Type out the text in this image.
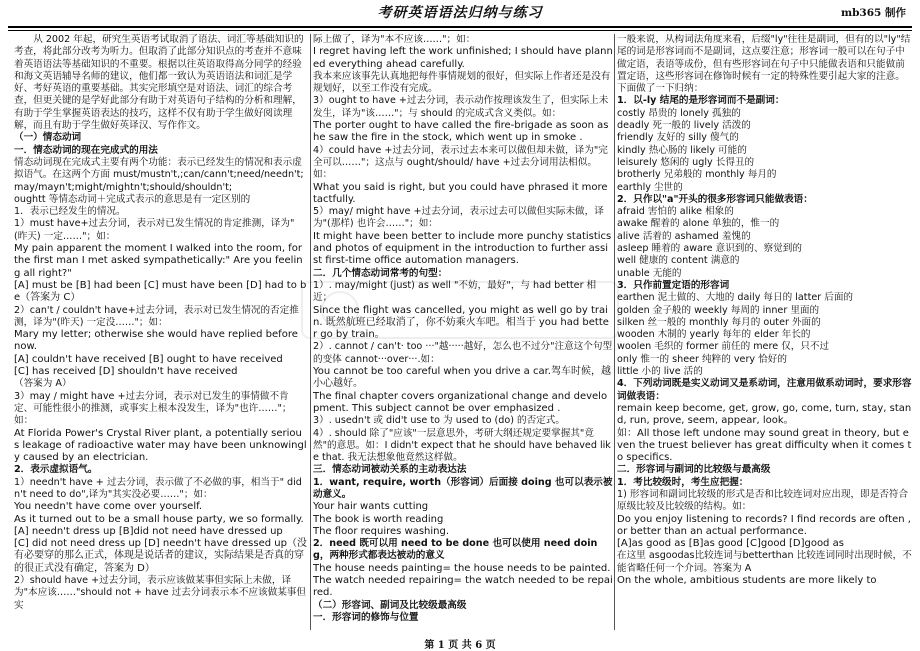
考研英语语法归纳与练习	mb365 制作

从 2002 年起，研究生英语考试取消了语法、词汇等基础知识的考查，将此部分改考为听力。但取消了此部分知识点的考查并不意味着英语语法等基础知识的不重要。根据以往英语取得高分同学的经验和海文英语辅导名师的建议，他们都一致认为英语语法和词汇是学好、考好英语的重要基础。其实完形填空是对语法、词汇的综合考查，但更关键的是学好此部分有助于对英语句子结构的分析和理解，有助于学生掌握英语表达的技巧，这样不仅有助于学生做好阅读理解，而且有助于学生做好英译汉、写作作文。

（一）情态动词

一．情态动词的现在完成式的用法

情态动词现在完成式主要有两个功能：表示已经发生的情况和表示虚拟语气。在这两个方面 must/mustn't,;can/cann't;need/needn't;may/mayn't;might/mightn't;should/shouldn't;

oughtt 等情态动词＋完成式表示的意思是有一定区别的

1．表示已经发生的情况。

1）must have+过去分词，表示对已发生情况的肯定推测，译为"(昨天) 一定……"；如：

My pain apparent the moment I walked into the room, for the first man I met asked sympathetically:" Are you feeling all right?"

[A] must be [B] had been [C] must have been [D] had to be（答案为 C）

2）can't / couldn't have+过去分词，表示对已发生情况的否定推测，译为"(昨天) 一定没……"；如：

Mary my letter; otherwise she would have replied before now.

[A] couldn't have received [B] ought to have received

[C] has received [D] shouldn't have received

（答案为 A）

3）may / might have +过去分词，表示对已发生的事情做不肯定、可能性很小的推测，或事实上根本没发生，译为"也许……"；如：

At Florida Power's Crystal River plant, a potentially serious leakage of radioactive water may have been unknowingly caused by an electrician.

2．表示虚拟语气。

1）needn't have + 过去分词，表示做了不必做的事，相当于" didn't need to do",译为"其实没必要……"；如：

You needn't have come over yourself.

As it turned out to be a small house party, we so formally.

[A] needn't dress up [B]did not need have dressed up

[C] did not need dress up [D] needn't have dressed up（没有必要穿的那么正式，体现是说话者的建议，实际结果是否真的穿的很正式没有确定，答案为 D）

2）should have +过去分词，表示应该做某事但实际上未做，译为"本应该……"should not + have 过去分词表示本不应该做某事但实

际上做了，译为"本不应该……"；如：

I regret having left the work unfinished; I should have planned everything ahead carefully.

我本来应该事先认真地把每件事情规划的很好，但实际上作者还是没有规划好，以至工作没有完成。

3）ought to have +过去分词，表示动作按理该发生了，但实际上未发生，译为"该……"；与 should 的完成式含义类似。如：

The porter ought to have called the fire-brigade as soon as he saw the fire in the stock, which went up in smoke .

4）could have +过去分词，表示过去本来可以做但却未做，译为"完全可以……"；这点与 ought/should/ have +过去分词用法相似。如：

What you said is right, but you could have phrased it more tactfully.

5）may/ might have +过去分词，表示过去可以做但实际未做，译为"(那样) 也许会……"；如：

It might have been better to include more punchy statistics and photos of equipment in the introduction to further assist first-time office automation managers.

二．几个情态动词常考的句型：

1）. may/might (just) as well "不妨，最好"，与 had better 相近；

Since the flight was cancelled, you might as well go by train. 既然航班已经取消了，你不妨乘火车吧。相当于 you had better go by train。

2）. cannot / can't· too ···"越·····越好，怎么也不过分"注意这个句型的变体 cannot···over···.如：

You cannot be too careful when you drive a car.驾车时候，越小心越好。

The final chapter covers organizational change and development. This subject cannot be over emphasized .

3）. usedn't 或 did't use to 为 used to (do) 的否定式。

4）. should 除了"应该"一层意思外，考研大纲还规定要掌握其"竟然"的意思。如：I didn't expect that he should have behaved like that. 我无法想象他竟然这样做。

三．情态动词被动关系的主动表达法

1．want, require, worth（形容词）后面接 doing 也可以表示被动意义。

Your hair wants cutting

The book is worth reading

The floor requires washing.

2．need 既可以用 need to be done 也可以使用 need doing，两种形式都表达被动的意义

The house needs painting= the house needs to be painted.

The watch needed repairing= the watch needed to be repaired.

（二）形容词、副词及比较级最高级

一．形容词的修饰与位置

一般来说，从构词法角度来看，后缀"ly"往往是副词，但有的以"ly"结尾的词是形容词而不是副词，这点要注意；形容词一般可以在句子中做定语，表语等成份，但有些形容词在句子中只能做表语和只能做前置定语，这些形容词在修饰时候有一定的特殊性要引起大家的注意。下面做了一下归纳：

1．以-ly 结尾的是形容词而不是副词：

costly 昂贵的 lonely 孤独的

deadly 死一般的 lively 活泼的

friendly 友好的 silly 傻气的

kindly 热心肠的 likely 可能的

leisurely 悠闲的 ugly 长得丑的

brotherly 兄弟般的 monthly 每月的

earthly 尘世的

2．只作以"a"开头的很多形容词只能做表语：

afraid 害怕的 alike 相象的

awake 醒着的 alone 单独的，惟一的

alive 活着的 ashamed 羞愧的

asleep 睡着的 aware 意识到的、察觉到的

well 健康的 content 满意的

unable 无能的

3．只作前置定语的形容词

earthen 泥土做的、大地的 daily 每日的 latter 后面的

golden 金子般的 weekly 每周的 inner 里面的

silken 丝一般的 monthly 每月的 outer 外面的

wooden 木制的 yearly 每年的 elder 年长的

woolen 毛织的 former 前任的 mere 仅，只不过

only 惟一的 sheer 纯粹的 very 恰好的

little 小的 live 活的

4．下列动词既是实义动词又是系动词，注意用做系动词时，要求形容词做表语：

remain keep become, get, grow, go, come, turn, stay, stand, run, prove, seem, appear, look。

如：All those left undone may sound great in theory, but even the truest believer has great difficulty when it comes to specifics.

二．形容词与副词的比较级与最高级

1．考比较级时，考生应把握：

1) 形容词和副词比较级的形式是否和比较连词对应出现，即是否符合原级比较及比较级的结构。如：

Do you enjoy listening to records? I find records are often , or better than an actual performance.

[A]as good as [B]as good [C]good [D]good as

在这里 asgoodas比较连词与betterthan 比较连词同时出现时候，不能省略任何一个介词。答案为 A

On the whole, ambitious students are more likely to

第 1 页 共 6 页
